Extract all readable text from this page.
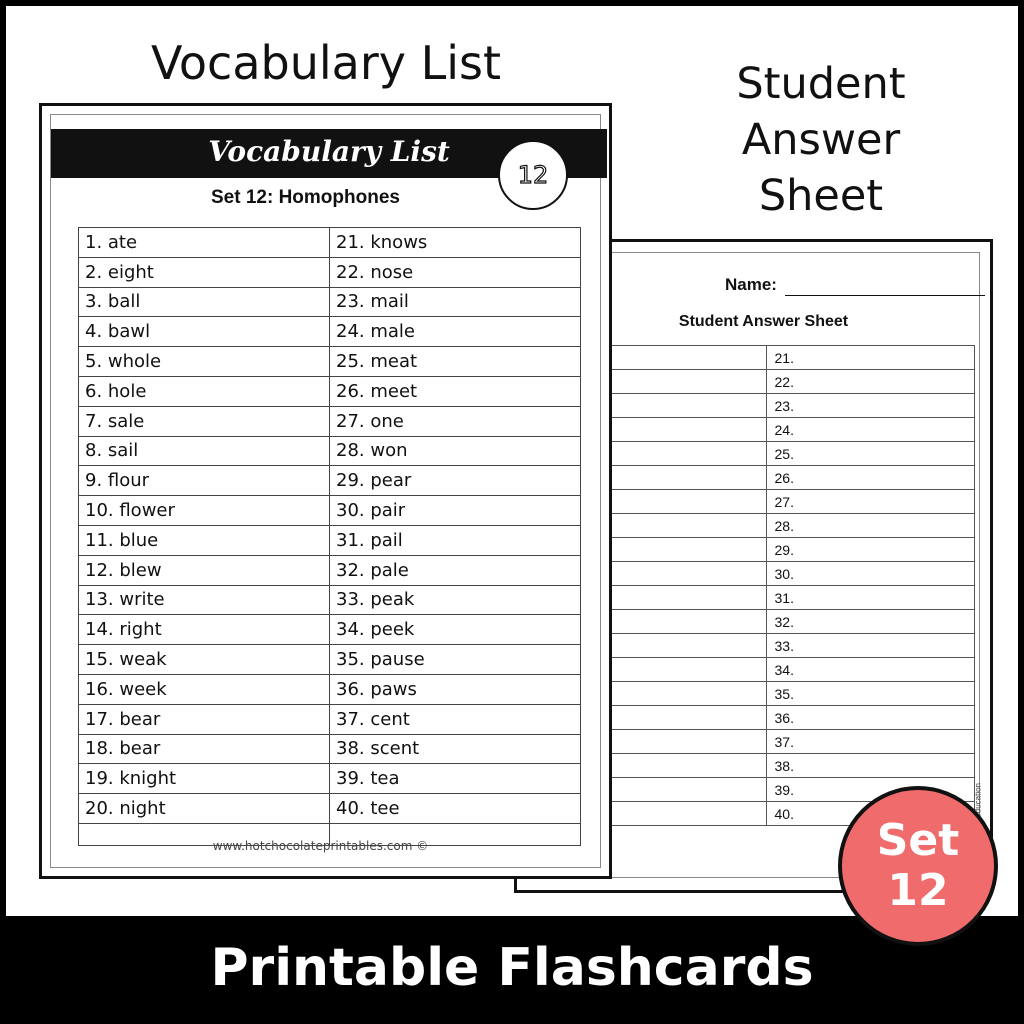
Vocabulary List	Student
Answer
Sheet
Name:
Student Answer Sheet
	21.
	22.
	23.
	24.
	25.
	26.
	27.
	28.
	29.
	30.
	31.
	32.
	33.
	34.
	35.
	36.
	37.
	38.
	39.
	40.	e education
Vocabulary List
12
Set 12: Homophones
1. ate	21. knows
2. eight	22. nose
3. ball	23. mail
4. bawl	24. male
5. whole	25. meat
6. hole	26. meet
7. sale	27. one
8. sail	28. won
9. flour	29. pear
10. flower	30. pair
11. blue	31. pail
12. blew	32. pale
13. write	33. peak
14. right	34. peek
15. weak	35. pause
16. week	36. paws
17. bear	37. cent
18. bear	38. scent
19. knight	39. tea
20. night	40. tee

www.hotchocolateprintables.com ©	Set
12
Printable Flashcards
